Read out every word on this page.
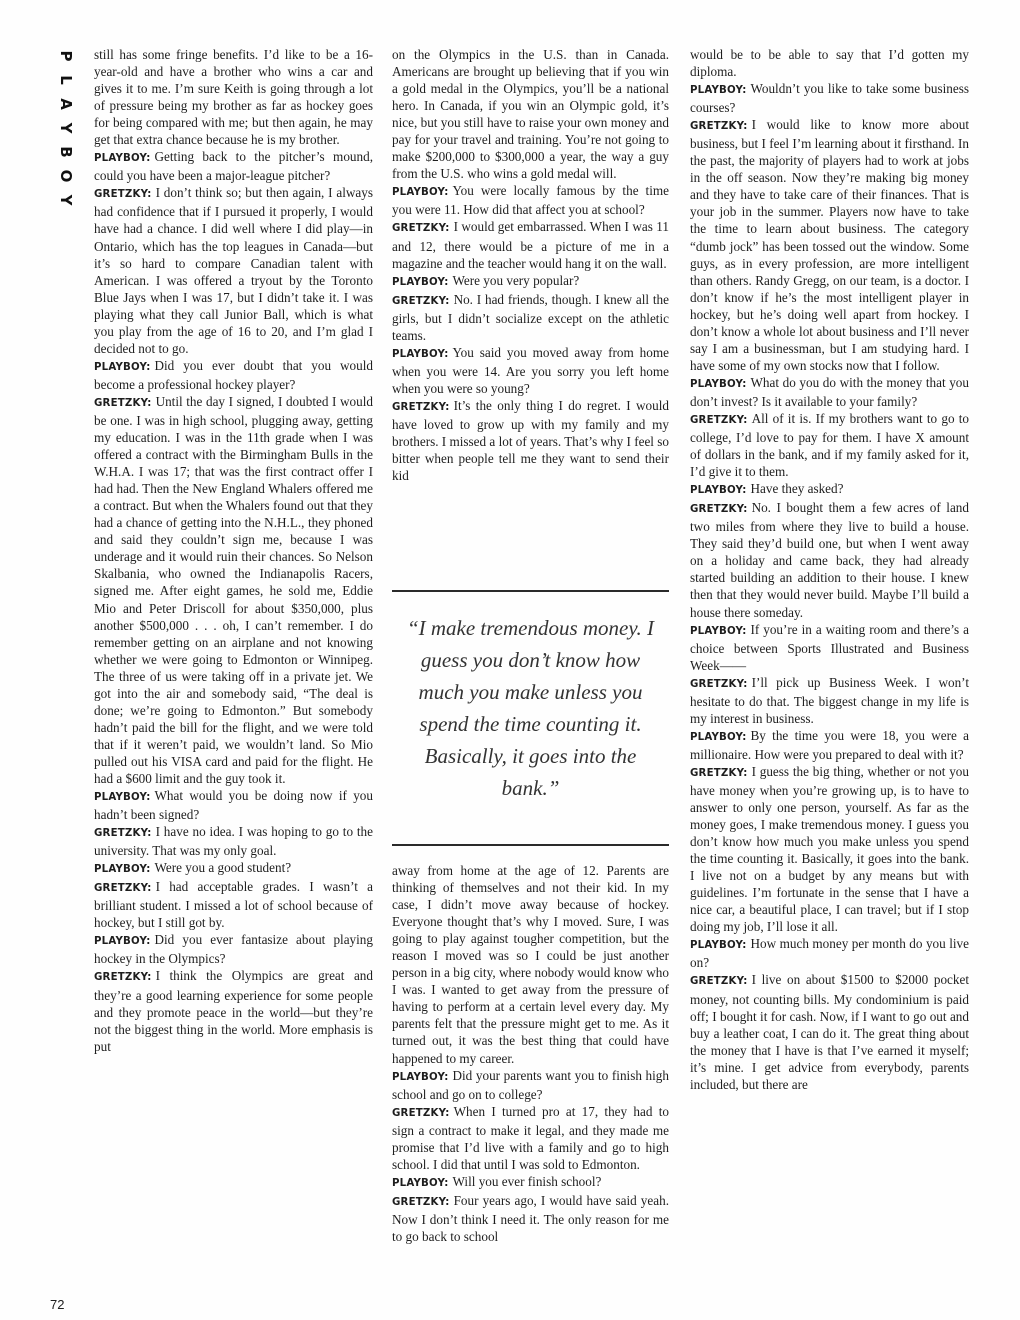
P
L
A
Y
B
O
Y

still has some fringe benefits. I’d like to be a 16-year-old and have a brother who wins a car and gives it to me. I’m sure Keith is going through a lot of pressure being my brother as far as hockey goes for being compared with me; but then again, he may get that extra chance because he is my brother.

PLAYBOY: Getting back to the pitcher’s mound, could you have been a major-league pitcher?

GRETZKY: I don’t think so; but then again, I always had confidence that if I pursued it properly, I would have had a chance. I did well where I did play—in Ontario, which has the top leagues in Canada—but it’s so hard to compare Canadian talent with American. I was offered a tryout by the Toronto Blue Jays when I was 17, but I didn’t take it. I was playing what they call Junior Ball, which is what you play from the age of 16 to 20, and I’m glad I decided not to go.

PLAYBOY: Did you ever doubt that you would become a professional hockey player?

GRETZKY: Until the day I signed, I doubted I would be one. I was in high school, plugging away, getting my education. I was in the 11th grade when I was offered a contract with the Birmingham Bulls in the W.H.A. I was 17; that was the first contract offer I had had. Then the New England Whalers offered me a contract. But when the Whalers found out that they had a chance of getting into the N.H.L., they phoned and said they couldn’t sign me, because I was underage and it would ruin their chances. So Nelson Skalbania, who owned the Indianapolis Racers, signed me. After eight games, he sold me, Eddie Mio and Peter Driscoll for about $350,000, plus another $500,000 . . . oh, I can’t remember. I do remember getting on an airplane and not knowing whether we were going to Edmonton or Winnipeg. The three of us were taking off in a private jet. We got into the air and somebody said, “The deal is done; we’re going to Edmonton.” But somebody hadn’t paid the bill for the flight, and we were told that if it weren’t paid, we wouldn’t land. So Mio pulled out his VISA card and paid for the flight. He had a $600 limit and the guy took it.

PLAYBOY: What would you be doing now if you hadn’t been signed?

GRETZKY: I have no idea. I was hoping to go to the university. That was my only goal.

PLAYBOY: Were you a good student?

GRETZKY: I had acceptable grades. I wasn’t a brilliant student. I missed a lot of school because of hockey, but I still got by.

PLAYBOY: Did you ever fantasize about playing hockey in the Olympics?

GRETZKY: I think the Olympics are great and they’re a good learning experience for some people and they promote peace in the world—but they’re not the biggest thing in the world. More emphasis is put

on the Olympics in the U.S. than in Canada. Americans are brought up believing that if you win a gold medal in the Olympics, you’ll be a national hero. In Canada, if you win an Olympic gold, it’s nice, but you still have to raise your own money and pay for your travel and training. You’re not going to make $200,000 to $300,000 a year, the way a guy from the U.S. who wins a gold medal will.

PLAYBOY: You were locally famous by the time you were 11. How did that affect you at school?

GRETZKY: I would get embarrassed. When I was 11 and 12, there would be a picture of me in a magazine and the teacher would hang it on the wall.

PLAYBOY: Were you very popular?

GRETZKY: No. I had friends, though. I knew all the girls, but I didn’t socialize except on the athletic teams.

PLAYBOY: You said you moved away from home when you were 14. Are you sorry you left home when you were so young?

GRETZKY: It’s the only thing I do regret. I would have loved to grow up with my family and my brothers. I missed a lot of years. That’s why I feel so bitter when people tell me they want to send their kid

“I make tremendous money. I guess you don’t know how much you make unless you spend the time counting it. Basically, it goes into the bank.”

away from home at the age of 12. Parents are thinking of themselves and not their kid. In my case, I didn’t move away because of hockey. Everyone thought that’s why I moved. Sure, I was going to play against tougher competition, but the reason I moved was so I could be just another person in a big city, where nobody would know who I was. I wanted to get away from the pressure of having to perform at a certain level every day. My parents felt that the pressure might get to me. As it turned out, it was the best thing that could have happened to my career.

PLAYBOY: Did your parents want you to finish high school and go on to college?

GRETZKY: When I turned pro at 17, they had to sign a contract to make it legal, and they made me promise that I’d live with a family and go to high school. I did that until I was sold to Edmonton.

PLAYBOY: Will you ever finish school?

GRETZKY: Four years ago, I would have said yeah. Now I don’t think I need it. The only reason for me to go back to school

would be to be able to say that I’d gotten my diploma.

PLAYBOY: Wouldn’t you like to take some business courses?

GRETZKY: I would like to know more about business, but I feel I’m learning about it firsthand. In the past, the majority of players had to work at jobs in the off season. Now they’re making big money and they have to take care of their finances. That is your job in the summer. Players now have to take the time to learn about business. The category “dumb jock” has been tossed out the window. Some guys, as in every profession, are more intelligent than others. Randy Gregg, on our team, is a doctor. I don’t know if he’s the most intelligent player in hockey, but he’s doing well apart from hockey. I don’t know a whole lot about business and I’ll never say I am a businessman, but I am studying hard. I have some of my own stocks now that I follow.

PLAYBOY: What do you do with the money that you don’t invest? Is it available to your family?

GRETZKY: All of it is. If my brothers want to go to college, I’d love to pay for them. I have X amount of dollars in the bank, and if my family asked for it, I’d give it to them.

PLAYBOY: Have they asked?

GRETZKY: No. I bought them a few acres of land two miles from where they live to build a house. They said they’d build one, but when I went away on a holiday and came back, they had already started building an addition to their house. I knew then that they would never build. Maybe I’ll build a house there someday.

PLAYBOY: If you’re in a waiting room and there’s a choice between Sports Illustrated and Business Week——

GRETZKY: I’ll pick up Business Week. I won’t hesitate to do that. The biggest change in my life is my interest in business.

PLAYBOY: By the time you were 18, you were a millionaire. How were you prepared to deal with it?

GRETZKY: I guess the big thing, whether or not you have money when you’re growing up, is to have to answer to only one person, yourself. As far as the money goes, I make tremendous money. I guess you don’t know how much you make unless you spend the time counting it. Basically, it goes into the bank. I live not on a budget by any means but with guidelines. I’m fortunate in the sense that I have a nice car, a beautiful place, I can travel; but if I stop doing my job, I’ll lose it all.

PLAYBOY: How much money per month do you live on?

GRETZKY: I live on about $1500 to $2000 pocket money, not counting bills. My condominium is paid off; I bought it for cash. Now, if I want to go out and buy a leather coat, I can do it. The great thing about the money that I have is that I’ve earned it myself; it’s mine. I get advice from everybody, parents included, but there are

72
